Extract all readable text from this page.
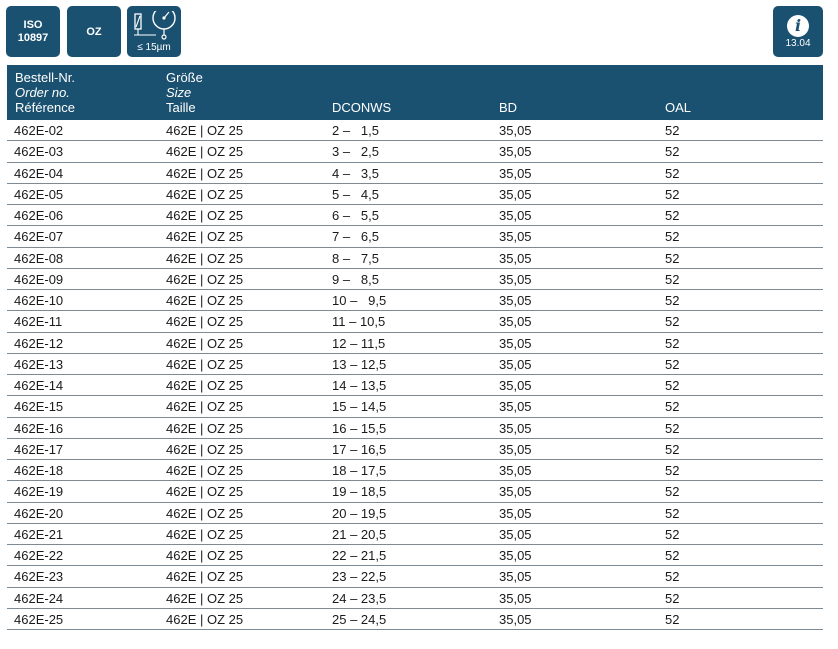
ISO
10897	OZ
≤ 15µm
i
13.04
Bestell-Nr.
Order no.
Référence
Größe
Size
Taille	DCONWS	BD	OAL
462E-02	462E | OZ 25	2 –   1,5	35,05	52
462E-03	462E | OZ 25	3 –   2,5	35,05	52
462E-04	462E | OZ 25	4 –   3,5	35,05	52
462E-05	462E | OZ 25	5 –   4,5	35,05	52
462E-06	462E | OZ 25	6 –   5,5	35,05	52
462E-07	462E | OZ 25	7 –   6,5	35,05	52
462E-08	462E | OZ 25	8 –   7,5	35,05	52
462E-09	462E | OZ 25	9 –   8,5	35,05	52
462E-10	462E | OZ 25	10 –   9,5	35,05	52
462E-11	462E | OZ 25	11 – 10,5	35,05	52
462E-12	462E | OZ 25	12 – 11,5	35,05	52
462E-13	462E | OZ 25	13 – 12,5	35,05	52
462E-14	462E | OZ 25	14 – 13,5	35,05	52
462E-15	462E | OZ 25	15 – 14,5	35,05	52
462E-16	462E | OZ 25	16 – 15,5	35,05	52
462E-17	462E | OZ 25	17 – 16,5	35,05	52
462E-18	462E | OZ 25	18 – 17,5	35,05	52
462E-19	462E | OZ 25	19 – 18,5	35,05	52
462E-20	462E | OZ 25	20 – 19,5	35,05	52
462E-21	462E | OZ 25	21 – 20,5	35,05	52
462E-22	462E | OZ 25	22 – 21,5	35,05	52
462E-23	462E | OZ 25	23 – 22,5	35,05	52
462E-24	462E | OZ 25	24 – 23,5	35,05	52
462E-25	462E | OZ 25	25 – 24,5	35,05	52
